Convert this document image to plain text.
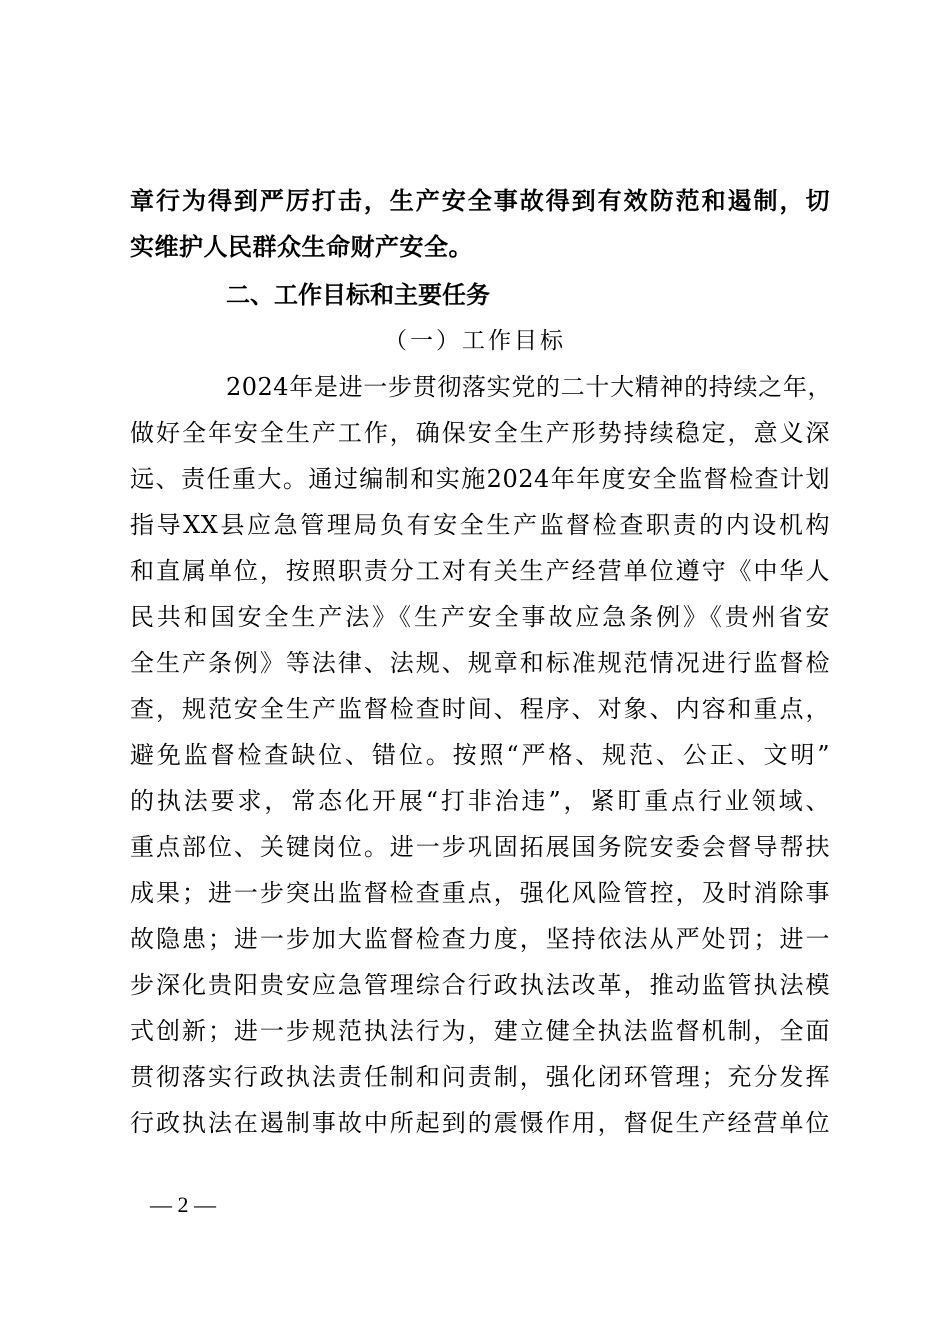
章行为得到严厉打击，生产安全事故得到有效防范和遏制，切
实维护人民群众生命财产安全。
二、工作目标和主要任务
（一）工作目标
2024年是进一步贯彻落实党的二十大精神的持续之年，
做好全年安全生产工作，确保安全生产形势持续稳定，意义深
远、责任重大。通过编制和实施2024年年度安全监督检查计划
指导XX县应急管理局负有安全生产监督检查职责的内设机构
和直属单位，按照职责分工对有关生产经营单位遵守《中华人
民共和国安全生产法》《生产安全事故应急条例》《贵州省安
全生产条例》等法律、法规、规章和标准规范情况进行监督检
查，规范安全生产监督检查时间、程序、对象、内容和重点，
避免监督检查缺位、错位。按照“严格、规范、公正、文明”
的执法要求，常态化开展“打非治违”，紧盯重点行业领域、
重点部位、关键岗位。进一步巩固拓展国务院安委会督导帮扶
成果；进一步突出监督检查重点，强化风险管控，及时消除事
故隐患；进一步加大监督检查力度，坚持依法从严处罚；进一
步深化贵阳贵安应急管理综合行政执法改革，推动监管执法模
式创新；进一步规范执法行为，建立健全执法监督机制，全面
贯彻落实行政执法责任制和问责制，强化闭环管理；充分发挥
行政执法在遏制事故中所起到的震慑作用，督促生产经营单位
— 2 —
